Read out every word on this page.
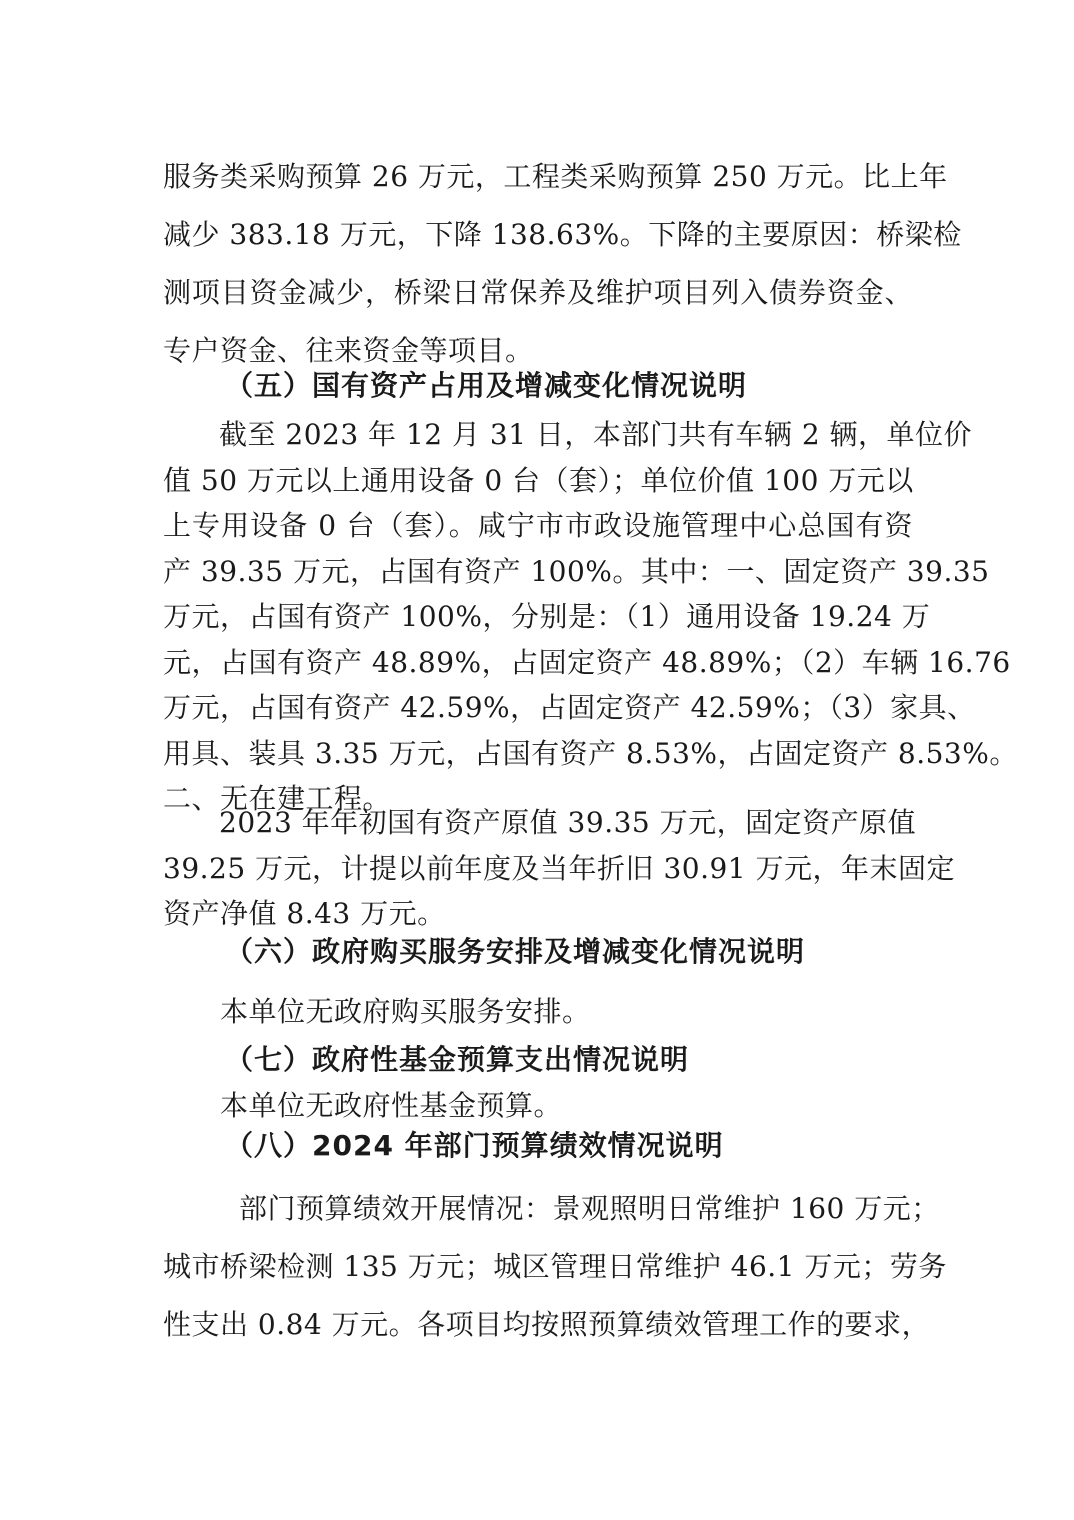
服务类采购预算 26 万元，工程类采购预算 250 万元。比上年
减少 383.18 万元，下降 138.63%。下降的主要原因：桥梁检
测项目资金减少，桥梁日常保养及维护项目列入债券资金、
专户资金、往来资金等项目。
（五）国有资产占用及增减变化情况说明
截至 2023 年 12 月 31 日，本部门共有车辆 2 辆，单位价
值 50 万元以上通用设备 0 台（套）；单位价值 100 万元以
上专用设备 0 台（套）。咸宁市市政设施管理中心总国有资
产 39.35 万元，占国有资产 100%。其中：一、固定资产 39.35
万元，占国有资产 100%，分别是：（1）通用设备 19.24 万
元，占国有资产 48.89%，占固定资产 48.89%；（2）车辆 16.76
万元，占国有资产 42.59%，占固定资产 42.59%；（3）家具、
用具、装具 3.35 万元，占国有资产 8.53%，占固定资产 8.53%。
二、无在建工程。
2023 年年初国有资产原值 39.35 万元，固定资产原值
39.25 万元，计提以前年度及当年折旧 30.91 万元，年末固定
资产净值 8.43 万元。
（六）政府购买服务安排及增减变化情况说明
本单位无政府购买服务安排。
（七）政府性基金预算支出情况说明
本单位无政府性基金预算。
（八）2024 年部门预算绩效情况说明
部门预算绩效开展情况：景观照明日常维护 160 万元；
城市桥梁检测 135 万元；城区管理日常维护 46.1 万元；劳务
性支出 0.84 万元。各项目均按照预算绩效管理工作的要求，
